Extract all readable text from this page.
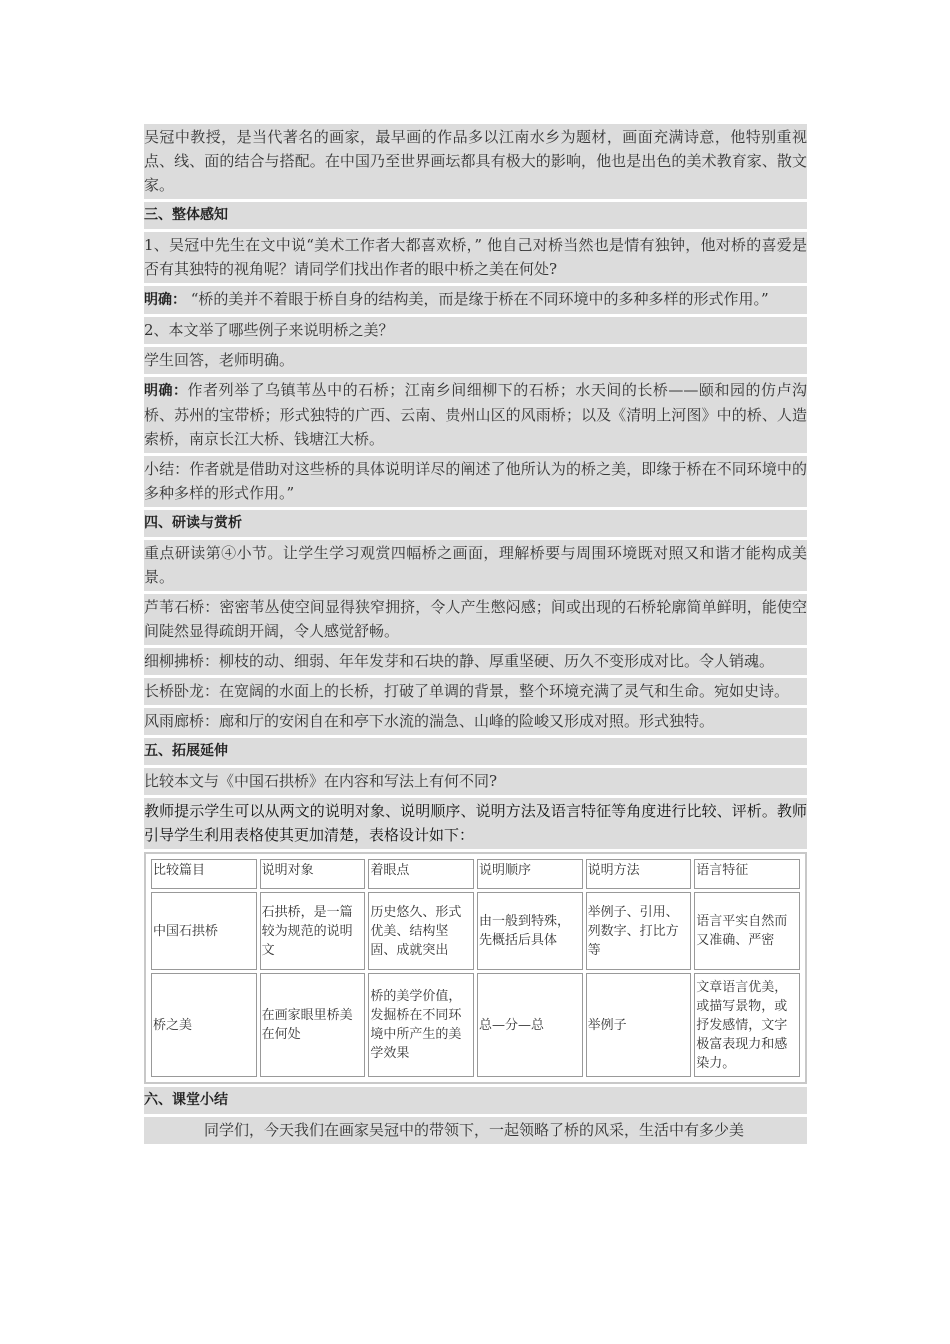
吴冠中教授，是当代著名的画家，最早画的作品多以江南水乡为题材，画面充满诗意，他特别重视点、线、面的结合与搭配。在中国乃至世界画坛都具有极大的影响，他也是出色的美术教育家、散文家。
三、整体感知
1、吴冠中先生在文中说“美术工作者大都喜欢桥，” 他自己对桥当然也是情有独钟，他对桥的喜爱是否有其独特的视角呢？请同学们找出作者的眼中桥之美在何处?
明确： “桥的美并不着眼于桥自身的结构美，而是缘于桥在不同环境中的多种多样的形式作用。”
2、本文举了哪些例子来说明桥之美？
学生回答，老师明确。
明确：作者列举了乌镇苇丛中的石桥；江南乡间细柳下的石桥；水天间的长桥——颐和园的仿卢沟桥、苏州的宝带桥；形式独特的广西、云南、贵州山区的风雨桥；以及《清明上河图》中的桥、人造索桥，南京长江大桥、钱塘江大桥。
小结：作者就是借助对这些桥的具体说明详尽的阐述了他所认为的桥之美，即缘于桥在不同环境中的多种多样的形式作用。”
四、研读与赏析
重点研读第④小节。让学生学习观赏四幅桥之画面，理解桥要与周围环境既对照又和谐才能构成美景。
芦苇石桥：密密苇丛使空间显得狭窄拥挤，令人产生憋闷感；间或出现的石桥轮廓简单鲜明，能使空间陡然显得疏朗开阔，令人感觉舒畅。
细柳拂桥：柳枝的动、细弱、年年发芽和石块的静、厚重坚硬、历久不变形成对比。令人销魂。
长桥卧龙：在宽阔的水面上的长桥，打破了单调的背景，整个环境充满了灵气和生命。宛如史诗。
风雨廊桥：廊和厅的安闲自在和亭下水流的湍急、山峰的险峻又形成对照。形式独特。
五、拓展延伸
比较本文与《中国石拱桥》在内容和写法上有何不同?
教师提示学生可以从两文的说明对象、说明顺序、说明方法及语言特征等角度进行比较、评析。教师引导学生利用表格使其更加清楚，表格设计如下：
比较篇目	说明对象	着眼点	说明顺序	说明方法	语言特征
中国石拱桥	石拱桥，是一篇较为规范的说明文	历史悠久、形式优美、结构坚固、成就突出	由一般到特殊，先概括后具体	举例子、引用、列数字、打比方等	语言平实自然而又准确、严密
桥之美	在画家眼里桥美在何处	桥的美学价值，发掘桥在不同环境中所产生的美学效果	总—分—总	举例子	文章语言优美，或描写景物，或抒发感情，文字极富表现力和感染力。
六、课堂小结
同学们，今天我们在画家吴冠中的带领下，一起领略了桥的风采，生活中有多少美
